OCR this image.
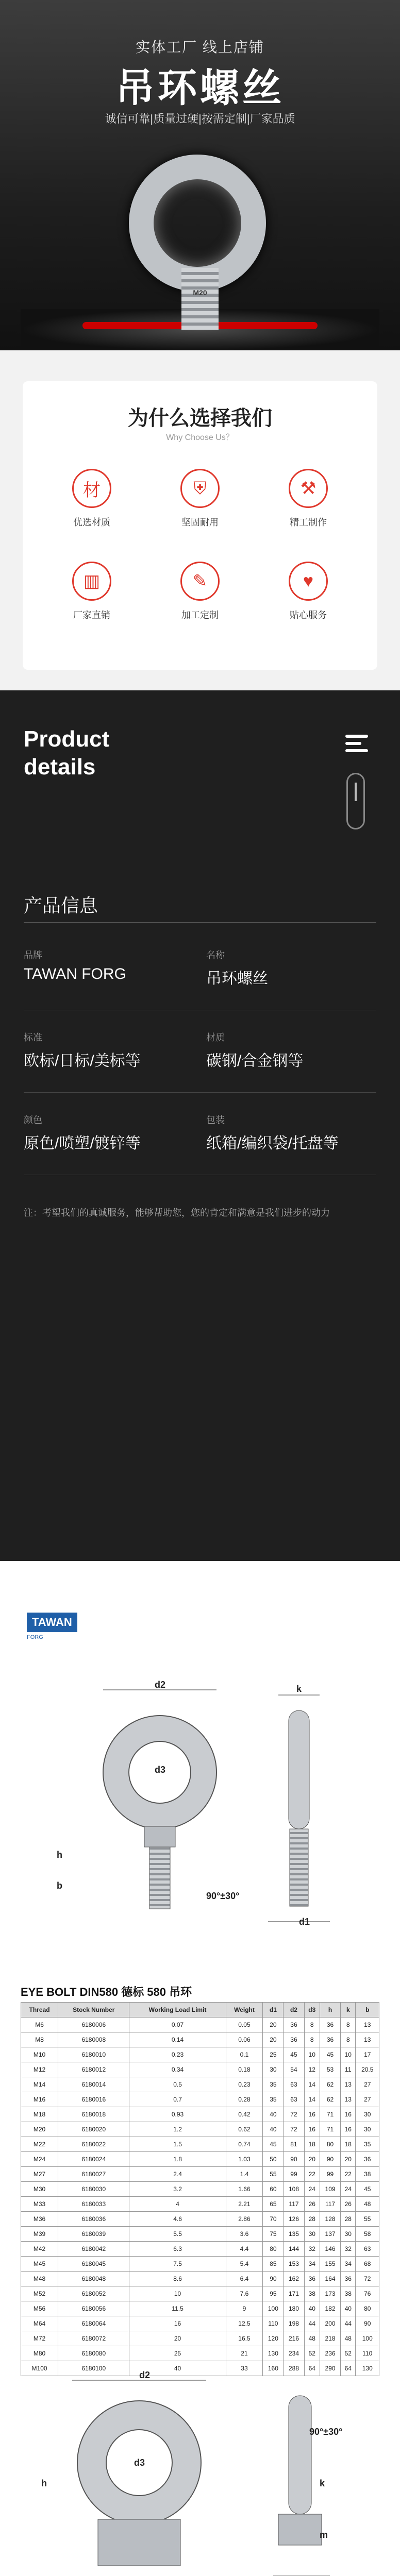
实体工厂 线上店铺
吊环螺丝
诚信可靠|质量过硬|按需定制|厂家品质
M20
为什么选择我们
Why Choose Us？
材
优选材质
⛨
坚固耐用
⚒
精工制作
▥
厂家直销
✎
加工定制
♥
贴心服务
Product
details
产品信息
品牌
TAWAN FORG
名称
吊环螺丝
标准
欧标/日标/美标等
材质
碳钢/合金钢等
颜色
原色/喷塑/镀锌等
包装
纸箱/编织袋/托盘等
注：考望我们的真诚服务，能够帮助您，您的肯定和满意是我们进步的动力
TAWAN
FORG
d2	k
d3
b
h
d1
90°±30°
EYE BOLT DIN580 德标 580 吊环
Thread	Stock Number	Working Load Limit	Weight	d1	d2	d3	h	k	b
M6	6180006	0.07	0.05	20	36	8	36	8	13
M8	6180008	0.14	0.06	20	36	8	36	8	13
M10	6180010	0.23	0.1	25	45	10	45	10	17
M12	6180012	0.34	0.18	30	54	12	53	11	20.5
M14	6180014	0.5	0.23	35	63	14	62	13	27
M16	6180016	0.7	0.28	35	63	14	62	13	27
M18	6180018	0.93	0.42	40	72	16	71	16	30
M20	6180020	1.2	0.62	40	72	16	71	16	30
M22	6180022	1.5	0.74	45	81	18	80	18	35
M24	6180024	1.8	1.03	50	90	20	90	20	36
M27	6180027	2.4	1.4	55	99	22	99	22	38
M30	6180030	3.2	1.66	60	108	24	109	24	45
M33	6180033	4	2.21	65	117	26	117	26	48
M36	6180036	4.6	2.86	70	126	28	128	28	55
M39	6180039	5.5	3.6	75	135	30	137	30	58
M42	6180042	6.3	4.4	80	144	32	146	32	63
M45	6180045	7.5	5.4	85	153	34	155	34	68
M48	6180048	8.6	6.4	90	162	36	164	36	72
M52	6180052	10	7.6	95	171	38	173	38	76
M56	6180056	11.5	9	100	180	40	182	40	80
M64	6180064	16	12.5	110	198	44	200	44	90
M72	6180072	20	16.5	120	216	48	218	48	100
M80	6180080	25	21	130	234	52	236	52	110
M100	6180100	40	33	160	288	64	290	64	130
d2
d3
h	k
m
90°±30°
